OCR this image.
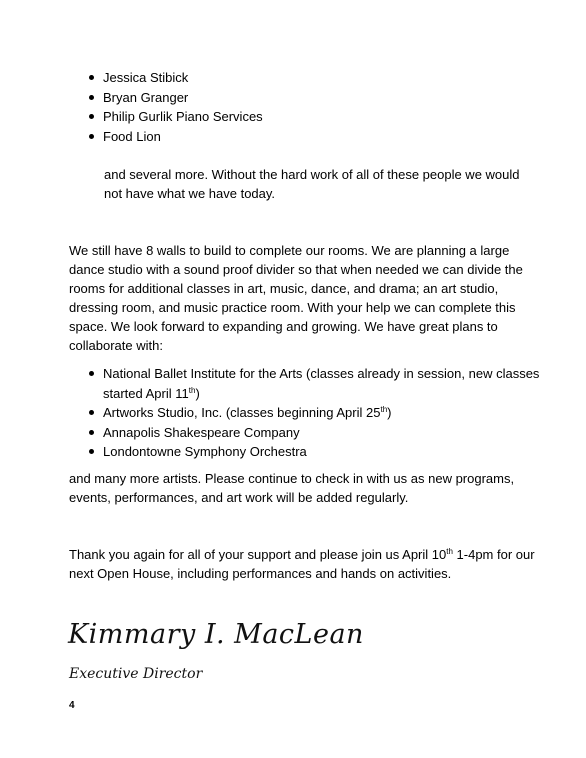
Jessica Stibick
Bryan Granger
Philip Gurlik Piano Services
Food Lion

and several more. Without the hard work of all of these people we would

not have what we have today.

We still have 8 walls to build to complete our rooms. We are planning a large

dance studio with a sound proof divider so that when needed we can divide the

rooms for additional classes in art, music, dance, and drama; an art studio,

dressing room, and music practice room. With your help we can complete this

space. We look forward to expanding and growing. We have great plans to

collaborate with:

National Ballet Institute for the Arts (classes already in session, new classes
started April 11th)
Artworks Studio, Inc. (classes beginning April 25th)
Annapolis Shakespeare Company
Londontowne Symphony Orchestra

and many more artists. Please continue to check in with us as new programs,

events, performances, and art work will be added regularly.

Thank you again for all of your support and please join us April 10th 1-4pm for our

next Open House, including performances and hands on activities.

Kimmary I. MacLean
Executive Director
4
